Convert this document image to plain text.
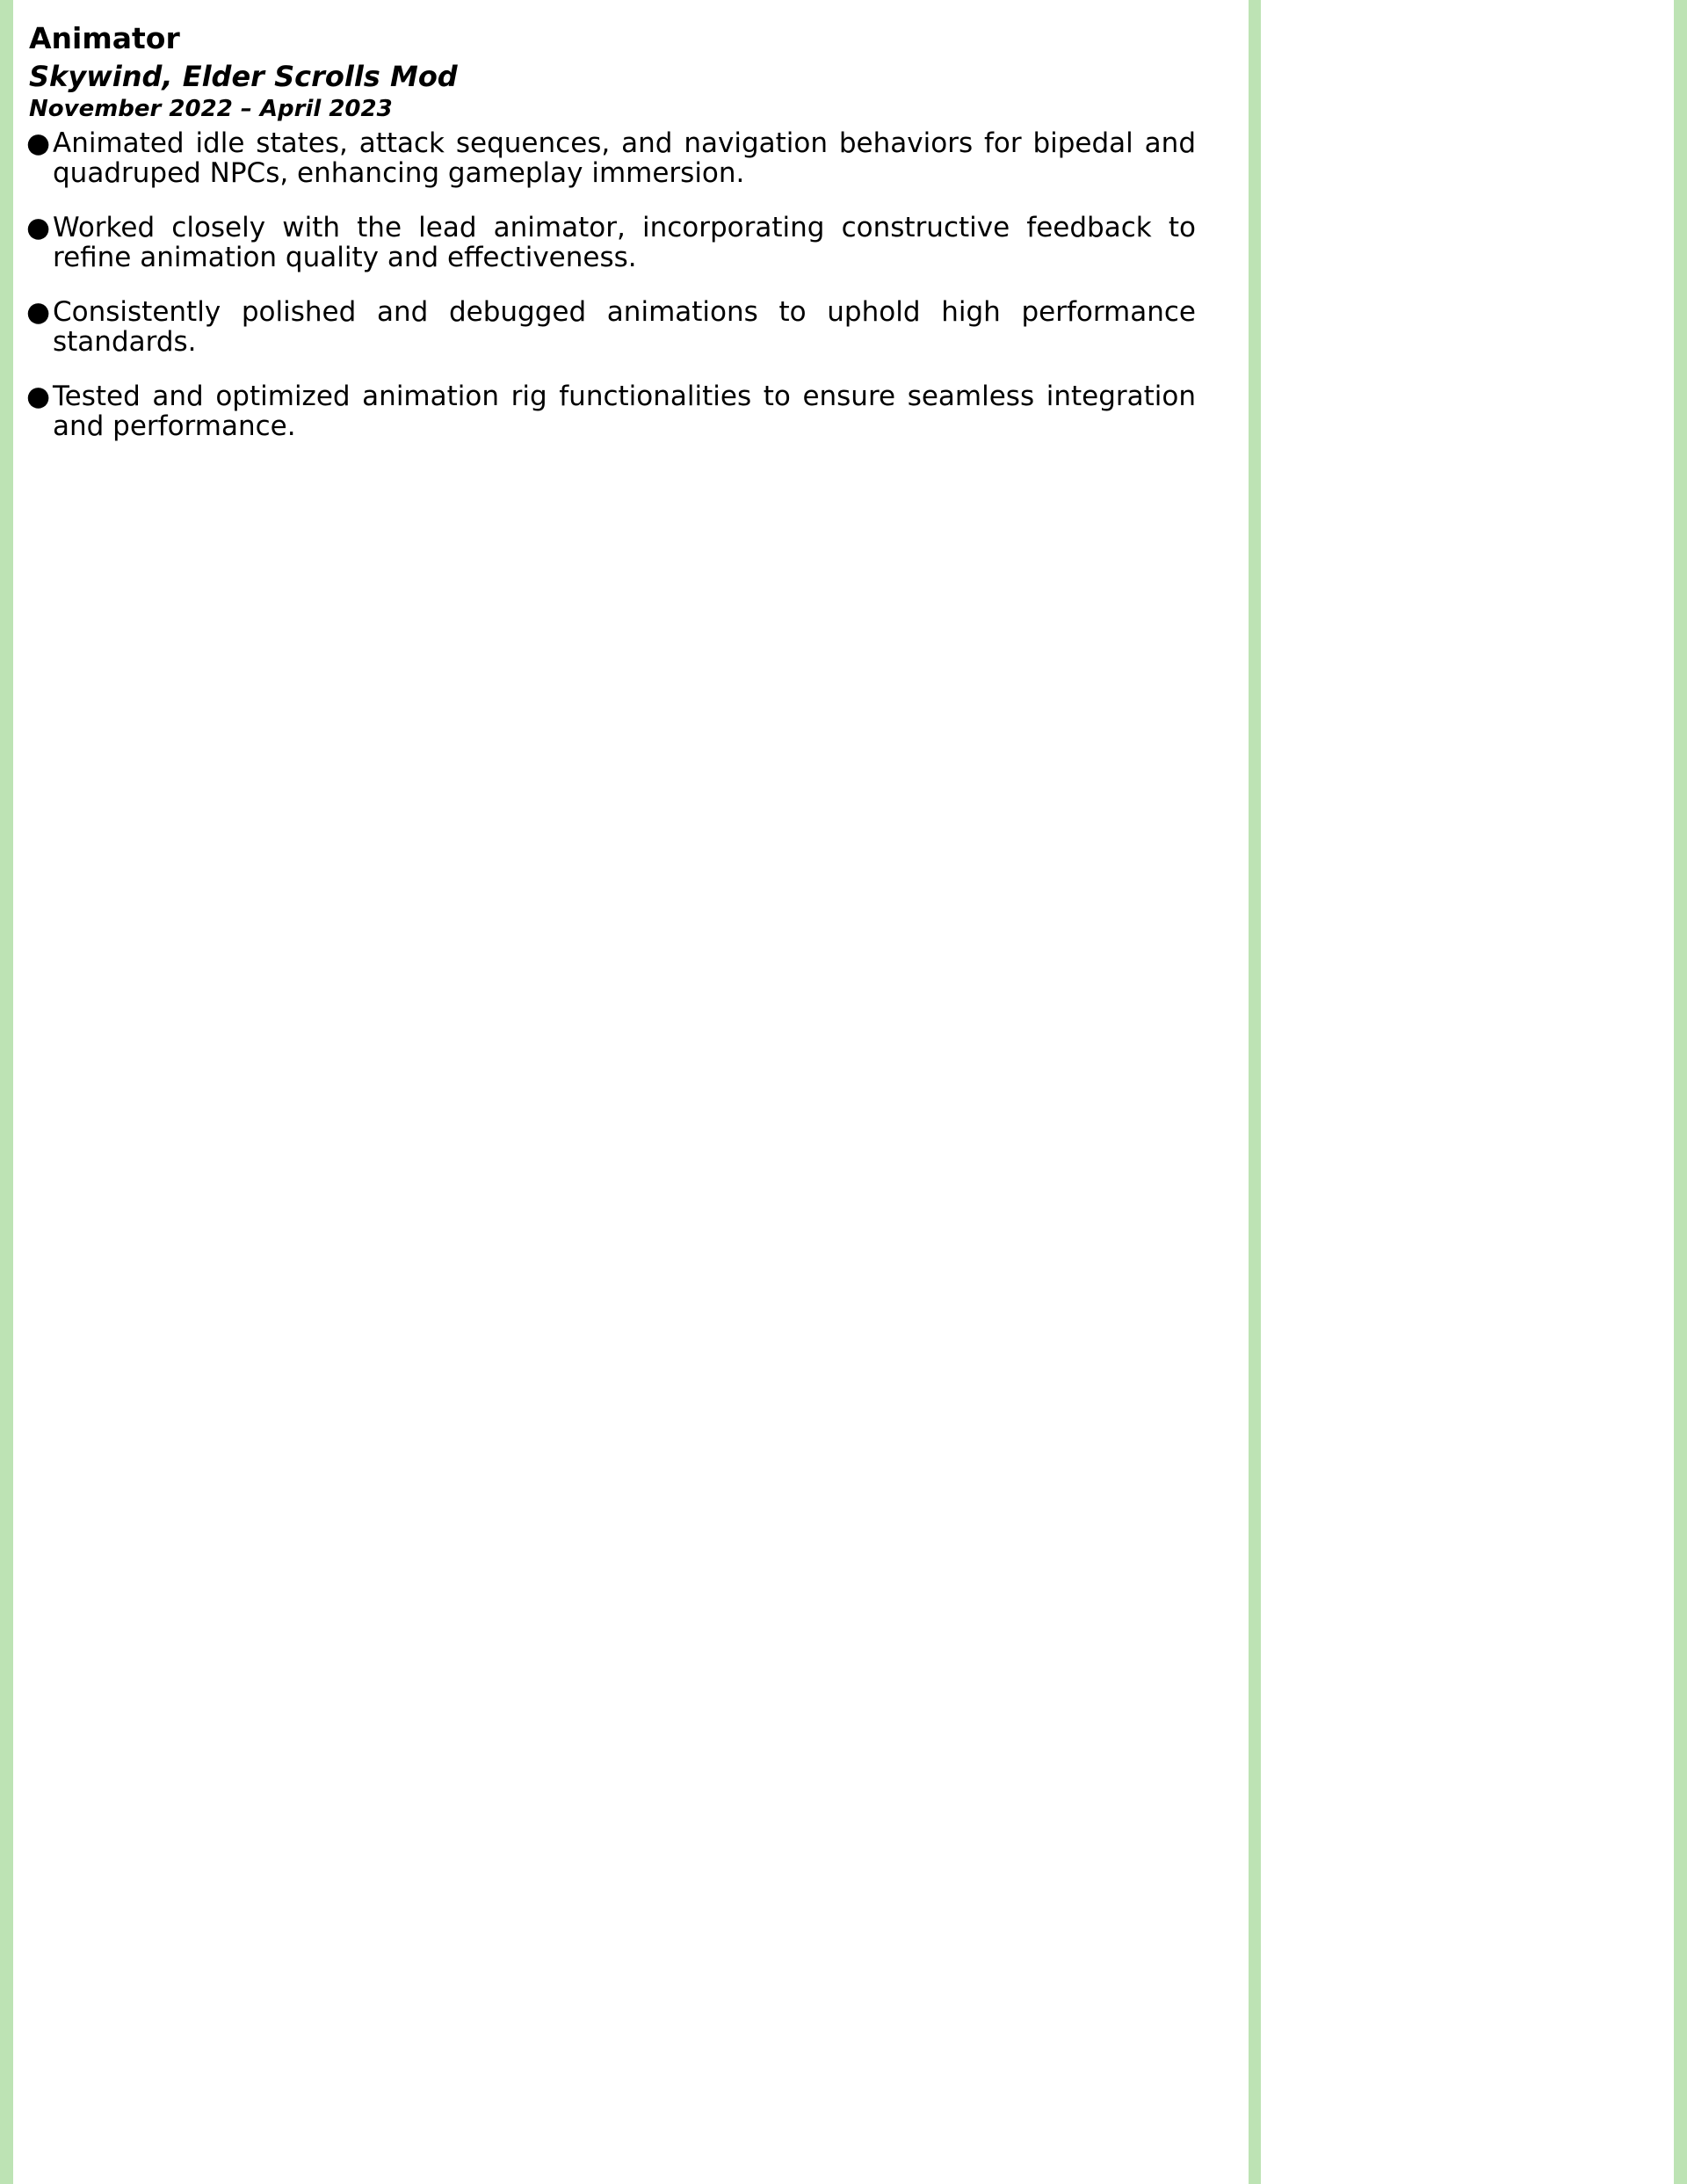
Animator
Skywind, Elder Scrolls Mod
November 2022 – April 2023
● Animated idle states, attack sequences, and navigation behaviors for bipedal and quadruped NPCs, enhancing gameplay immersion.
● Worked closely with the lead animator, incorporating constructive feedback to refine animation quality and effectiveness.
● Consistently polished and debugged animations to uphold high performance standards.
● Tested and optimized animation rig functionalities to ensure seamless integration and performance.
